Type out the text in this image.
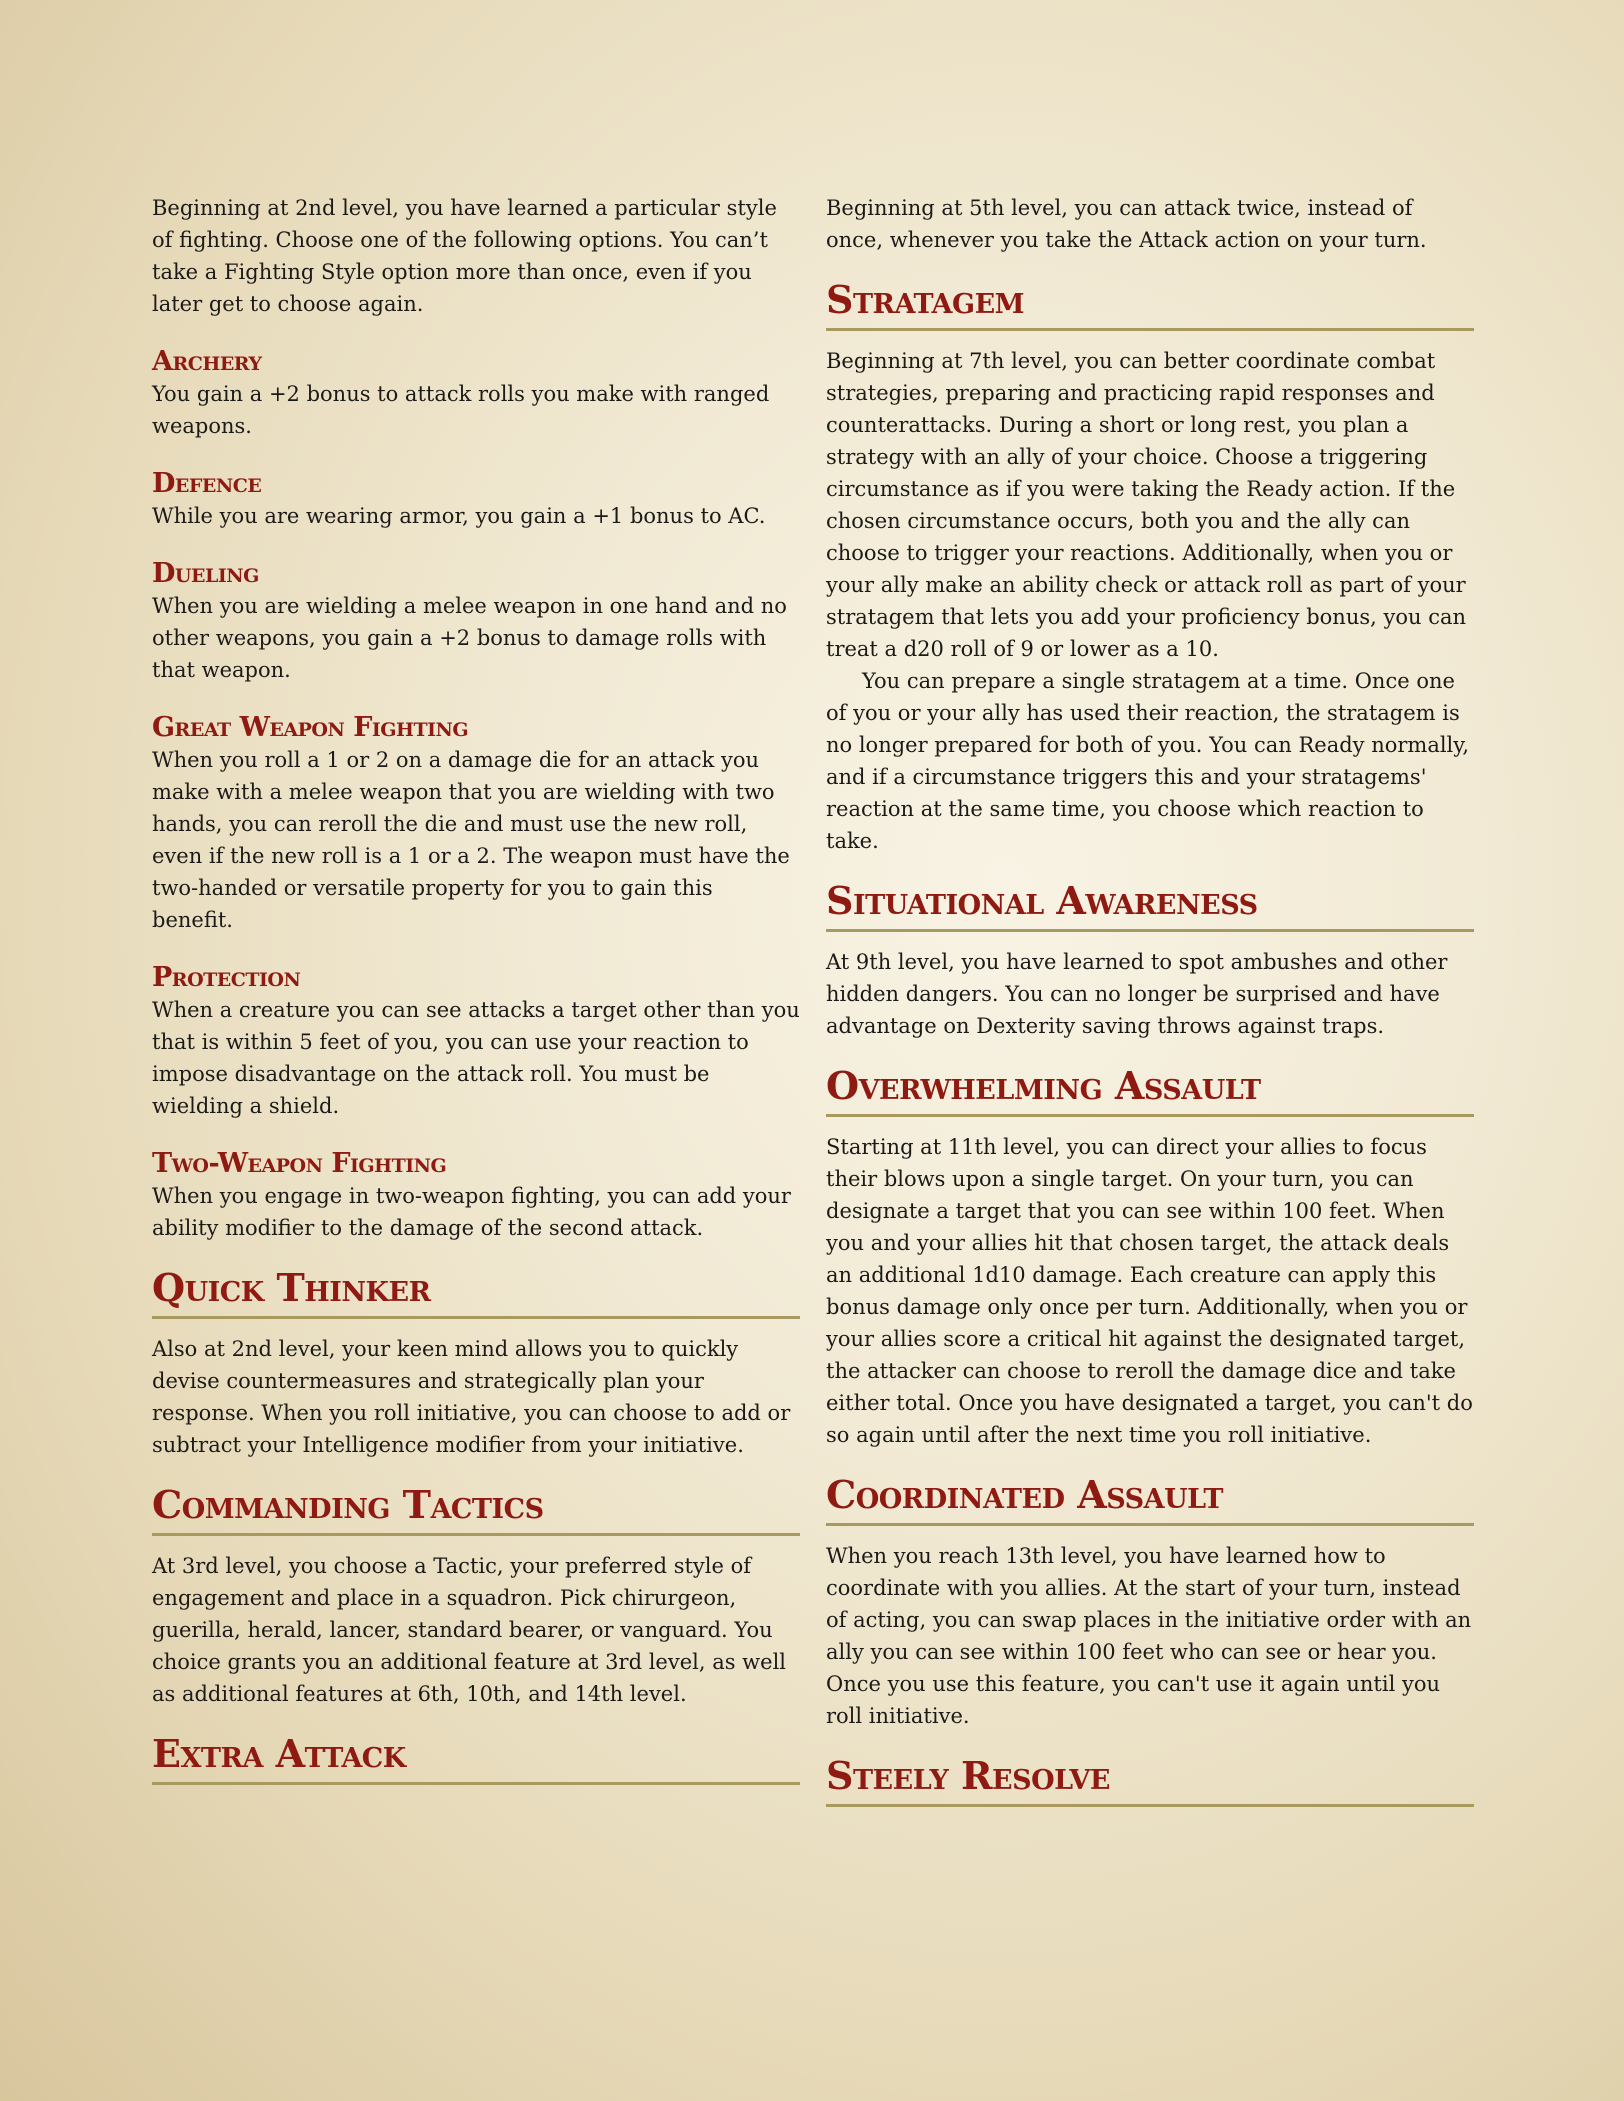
Beginning at 2nd level, you have learned a particular style of fighting. Choose one of the following options. You can’t take a Fighting Style option more than once, even if you later get to choose again.

Archery

You gain a +2 bonus to attack rolls you make with ranged weapons.

Defence

While you are wearing armor, you gain a +1 bonus to AC.

Dueling

When you are wielding a melee weapon in one hand and no other weapons, you gain a +2 bonus to damage rolls with that weapon.

Great Weapon Fighting

When you roll a 1 or 2 on a damage die for an attack you make with a melee weapon that you are wielding with two hands, you can reroll the die and must use the new roll, even if the new roll is a 1 or a 2. The weapon must have the two-handed or versatile property for you to gain this benefit.

Protection

When a creature you can see attacks a target other than you that is within 5 feet of you, you can use your reaction to impose disadvantage on the attack roll. You must be wielding a shield.

Two-Weapon Fighting

When you engage in two-weapon fighting, you can add your ability modifier to the damage of the second attack.

Quick Thinker

Also at 2nd level, your keen mind allows you to quickly devise countermeasures and strategically plan your response. When you roll initiative, you can choose to add or subtract your Intelligence modifier from your initiative.

Commanding Tactics

At 3rd level, you choose a Tactic, your preferred style of engagement and place in a squadron. Pick chirurgeon, guerilla, herald, lancer, standard bearer, or vanguard. You choice grants you an additional feature at 3rd level, as well as additional features at 6th, 10th, and 14th level.

Extra Attack

Beginning at 5th level, you can attack twice, instead of once, whenever you take the Attack action on your turn.

Stratagem

Beginning at 7th level, you can better coordinate combat strategies, preparing and practicing rapid responses and counterattacks. During a short or long rest, you plan a strategy with an ally of your choice. Choose a triggering circumstance as if you were taking the Ready action. If the chosen circumstance occurs, both you and the ally can choose to trigger your reactions. Additionally, when you or your ally make an ability check or attack roll as part of your stratagem that lets you add your proficiency bonus, you can treat a d20 roll of 9 or lower as a 10.

You can prepare a single stratagem at a time. Once one of you or your ally has used their reaction, the stratagem is no longer prepared for both of you. You can Ready normally, and if a circumstance triggers this and your stratagems' reaction at the same time, you choose which reaction to take.

Situational Awareness

At 9th level, you have learned to spot ambushes and other hidden dangers. You can no longer be surprised and have advantage on Dexterity saving throws against traps.

Overwhelming Assault

Starting at 11th level, you can direct your allies to focus their blows upon a single target. On your turn, you can designate a target that you can see within 100 feet. When you and your allies hit that chosen target, the attack deals an additional 1d10 damage. Each creature can apply this bonus damage only once per turn. Additionally, when you or your allies score a critical hit against the designated target, the attacker can choose to reroll the damage dice and take either total. Once you have designated a target, you can't do so again until after the next time you roll initiative.

Coordinated Assault

When you reach 13th level, you have learned how to coordinate with you allies. At the start of your turn, instead of acting, you can swap places in the initiative order with an ally you can see within 100 feet who can see or hear you. Once you use this feature, you can't use it again until you roll initiative.

Steely Resolve
